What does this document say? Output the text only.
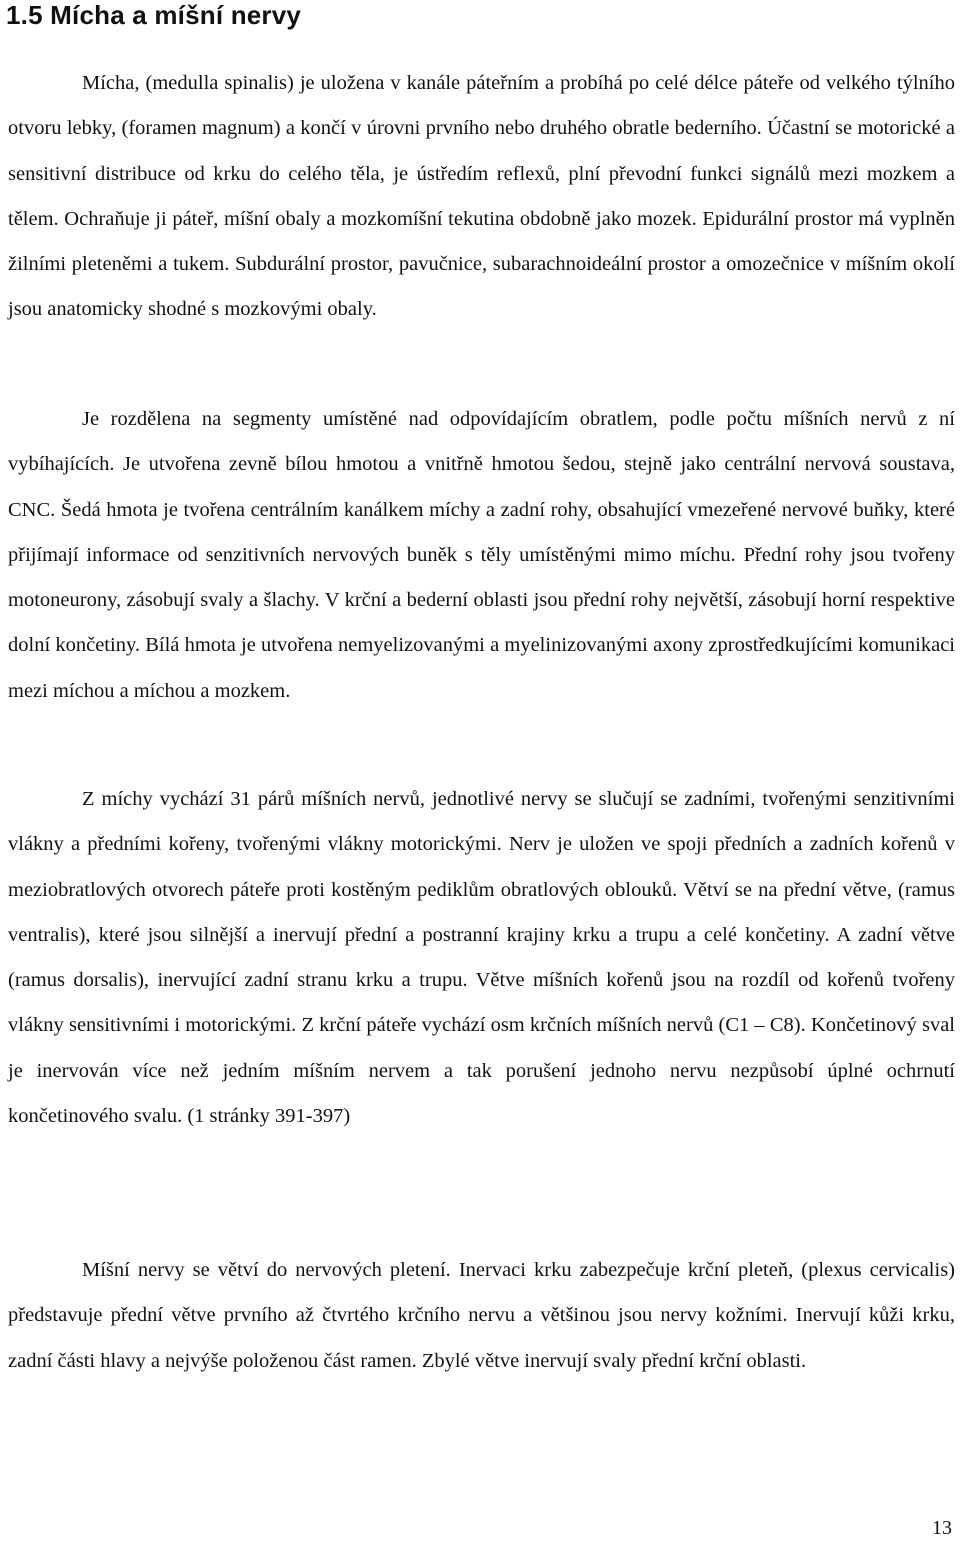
1.5 Mícha a míšní nervy

Mícha, (medulla spinalis) je uložena v kanále páteřním a probíhá po celé délce páteře od velkého týlního otvoru lebky, (foramen magnum) a končí v úrovni prvního nebo druhého obratle bederního. Účastní se motorické a sensitivní distribuce od krku do celého těla, je ústředím reflexů, plní převodní funkci signálů mezi mozkem a tělem. Ochraňuje ji páteř, míšní obaly a mozkomíšní tekutina obdobně jako mozek. Epidurální prostor má vyplněn žilními pleteněmi a tukem. Subdurální prostor, pavučnice, subarachnoideální prostor a omozečnice v míšním okolí jsou anatomicky shodné s mozkovými obaly.

Je rozdělena na segmenty umístěné nad odpovídajícím obratlem, podle počtu míšních nervů z ní vybíhajících. Je utvořena zevně bílou hmotou a vnitřně hmotou šedou, stejně jako centrální nervová soustava, CNC. Šedá hmota je tvořena centrálním kanálkem míchy a zadní rohy, obsahující vmezeřené nervové buňky, které přijímají informace od senzitivních nervových buněk s těly umístěnými mimo míchu. Přední rohy jsou tvořeny motoneurony, zásobují svaly a šlachy. V krční a bederní oblasti jsou přední rohy největší, zásobují horní respektive dolní končetiny. Bílá hmota je utvořena nemyelizovanými a myelinizovanými axony zprostředkujícími komunikaci mezi míchou a míchou a mozkem.

Z míchy vychází 31 párů míšních nervů, jednotlivé nervy se slučují se zadními, tvořenými senzitivními vlákny a předními kořeny, tvořenými vlákny motorickými. Nerv je uložen ve spoji předních a zadních kořenů v meziobratlových otvorech páteře proti kostěným pediklům obratlových oblouků. Větví se na přední větve, (ramus ventralis), které jsou silnější a inervují přední a postranní krajiny krku a trupu a celé končetiny. A zadní větve (ramus dorsalis), inervující zadní stranu krku a trupu. Větve míšních kořenů jsou na rozdíl od kořenů tvořeny vlákny sensitivními i motorickými. Z krční páteře vychází osm krčních míšních nervů (C1 – C8). Končetinový sval je inervován více než jedním míšním nervem a tak porušení jednoho nervu nezpůsobí úplné ochrnutí končetinového svalu. (1 stránky 391-397)

Míšní nervy se větví do nervových pletení. Inervaci krku zabezpečuje krční pleteň, (plexus cervicalis) představuje přední větve prvního až čtvrtého krčního nervu a většinou jsou nervy kožními. Inervují kůži krku, zadní části hlavy a nejvýše položenou část ramen. Zbylé větve inervují svaly přední krční oblasti.

13
